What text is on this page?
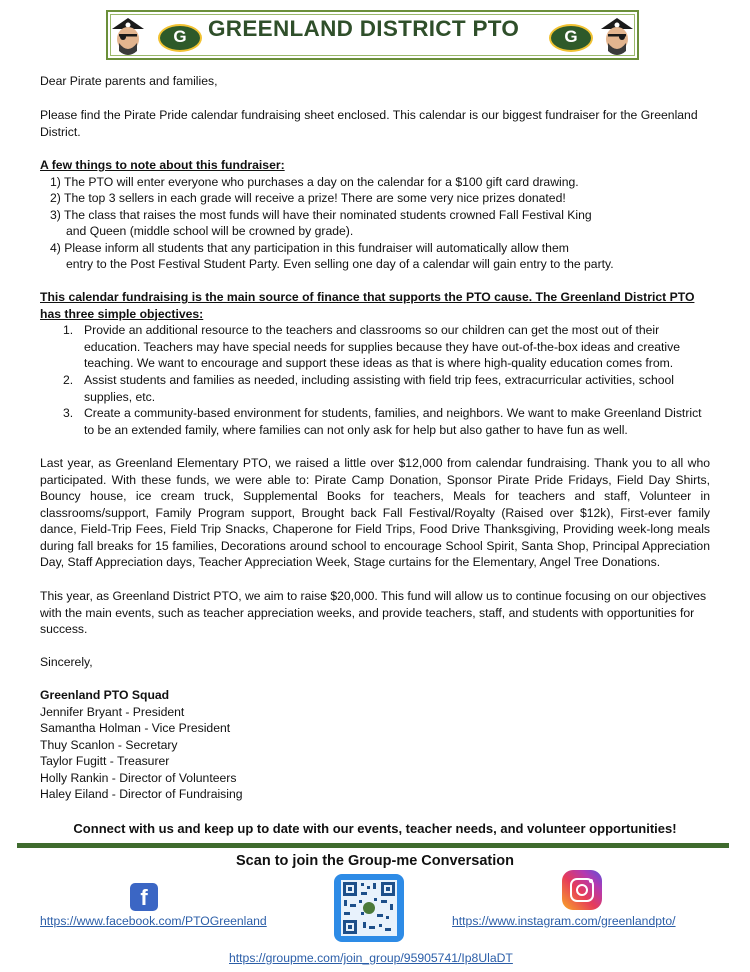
G
GREENLAND DISTRICT PTO
G

Dear Pirate parents and families,

Please find the Pirate Pride calendar fundraising sheet enclosed. This calendar is our biggest fundraiser for the Greenland District.

A few things to note about this fundraiser:

1) The PTO will enter everyone who purchases a day on the calendar for a $100 gift card drawing.
2) The top 3 sellers in each grade will receive a prize! There are some very nice prizes donated!
3) The class that raises the most funds will have their nominated students crowned Fall Festival King
and Queen (middle school will be crowned by grade).
4) Please inform all students that any participation in this fundraiser will automatically allow them
entry to the Post Festival Student Party. Even selling one day of a calendar will gain entry to the party.

This calendar fundraising is the main source of finance that supports the PTO cause. The Greenland District PTO has three simple objectives:

1. Provide an additional resource to the teachers and classrooms so our children can get the most out of their education. Teachers may have special needs for supplies because they have out-of-the-box ideas and creative teaching. We want to encourage and support these ideas as that is where high-quality education comes from.
2. Assist students and families as needed, including assisting with field trip fees, extracurricular activities, school supplies, etc.
3. Create a community-based environment for students, families, and neighbors. We want to make Greenland District to be an extended family, where families can not only ask for help but also gather to have fun as well.

Last year, as Greenland Elementary PTO, we raised a little over $12,000 from calendar fundraising. Thank you to all who participated. With these funds, we were able to: Pirate Camp Donation, Sponsor Pirate Pride Fridays, Field Day Shirts, Bouncy house, ice cream truck, Supplemental Books for teachers, Meals for teachers and staff, Volunteer in classrooms/support, Family Program support, Brought back Fall Festival/Royalty (Raised over $12k), First-ever family dance, Field-Trip Fees, Field Trip Snacks, Chaperone for Field Trips, Food Drive Thanksgiving, Providing week-long meals during fall breaks for 15 families, Decorations around school to encourage School Spirit, Santa Shop, Principal Appreciation Day, Staff Appreciation days, Teacher Appreciation Week, Stage curtains for the Elementary, Angel Tree Donations.

This year, as Greenland District PTO, we aim to raise $20,000. This fund will allow us to continue focusing on our objectives with the main events, such as teacher appreciation weeks, and provide teachers, staff, and students with opportunities for success.

Sincerely,

Greenland PTO Squad

Jennifer Bryant - President

Samantha Holman - Vice President

Thuy Scanlon - Secretary

Taylor Fugitt - Treasurer

Holly Rankin - Director of Volunteers

Haley Eiland - Director of Fundraising

Connect with us and keep up to date with our events, teacher needs, and volunteer opportunities!
Scan to join the Group-me Conversation
f
https://www.facebook.com/PTOGreenland	https://www.instagram.com/greenlandpto/
https://groupme.com/join_group/95905741/Ip8UlaDT
